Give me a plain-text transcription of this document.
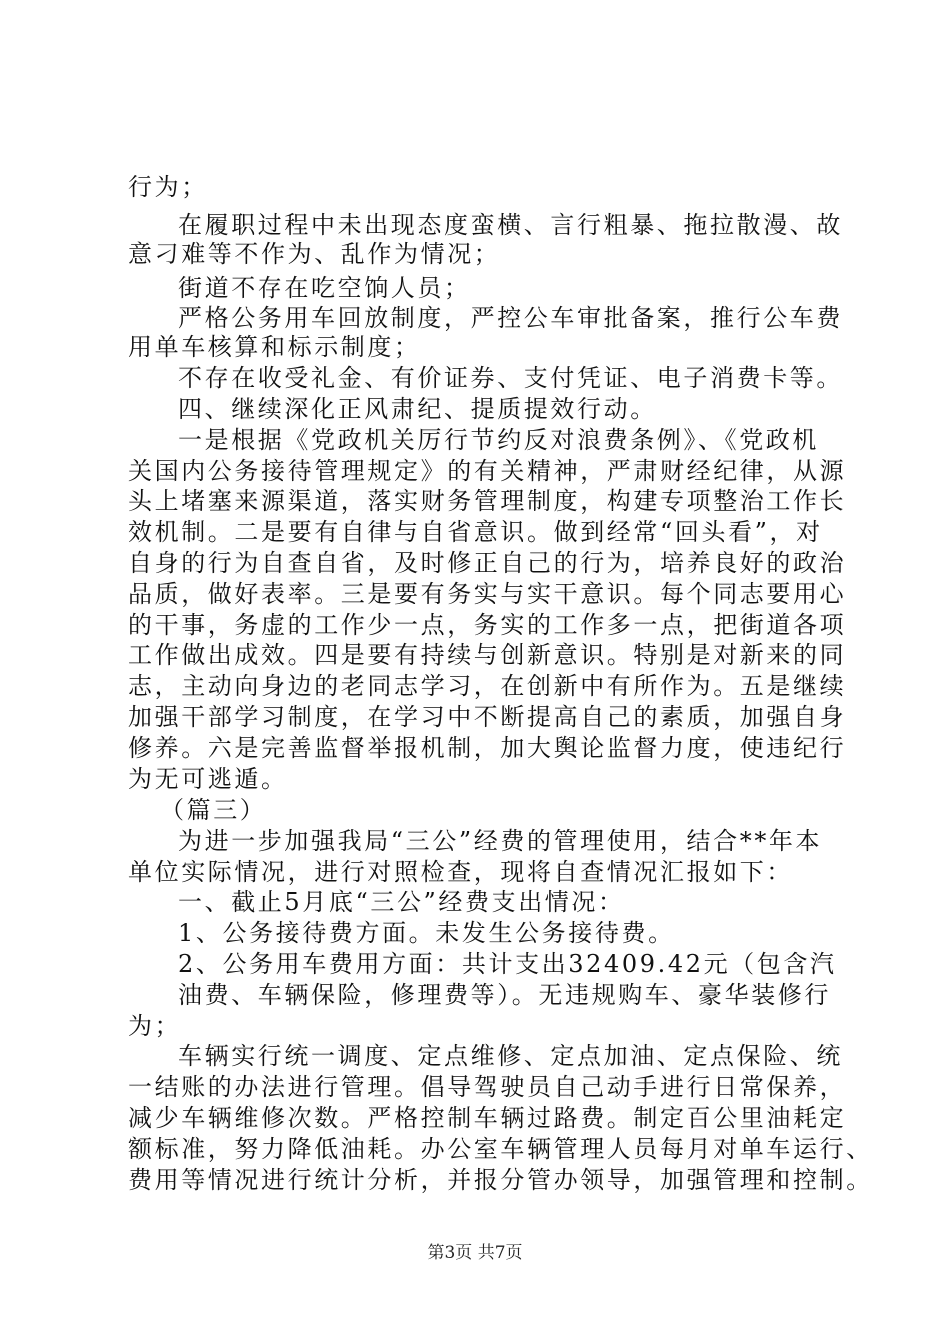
行为；
在履职过程中未出现态度蛮横、言行粗暴、拖拉散漫、故
意刁难等不作为、乱作为情况；
街道不存在吃空饷人员；
严格公务用车回放制度，严控公车审批备案，推行公车费
用单车核算和标示制度；
不存在收受礼金、有价证券、支付凭证、电子消费卡等。
四、继续深化正风肃纪、提质提效行动。
一是根据《党政机关厉行节约反对浪费条例》、《党政机
关国内公务接待管理规定》的有关精神，严肃财经纪律，从源
头上堵塞来源渠道，落实财务管理制度，构建专项整治工作长
效机制。二是要有自律与自省意识。做到经常“回头看”，对
自身的行为自查自省，及时修正自己的行为，培养良好的政治
品质，做好表率。三是要有务实与实干意识。每个同志要用心
的干事，务虚的工作少一点，务实的工作多一点，把街道各项
工作做出成效。四是要有持续与创新意识。特别是对新来的同
志，主动向身边的老同志学习，在创新中有所作为。五是继续
加强干部学习制度，在学习中不断提高自己的素质，加强自身
修养。六是完善监督举报机制，加大舆论监督力度，使违纪行
为无可逃遁。
（篇三）
为进一步加强我局“三公”经费的管理使用，结合**年本
单位实际情况，进行对照检查，现将自查情况汇报如下：
一、截止5月底“三公”经费支出情况：
1、公务接待费方面。未发生公务接待费。
2、公务用车费用方面：共计支出32409.42元（包含汽
油费、车辆保险，修理费等）。无违规购车、豪华装修行
为；
车辆实行统一调度、定点维修、定点加油、定点保险、统
一结账的办法进行管理。倡导驾驶员自己动手进行日常保养，
减少车辆维修次数。严格控制车辆过路费。制定百公里油耗定
额标准，努力降低油耗。办公室车辆管理人员每月对单车运行、
费用等情况进行统计分析，并报分管办领导，加强管理和控制。
第3页 共7页
